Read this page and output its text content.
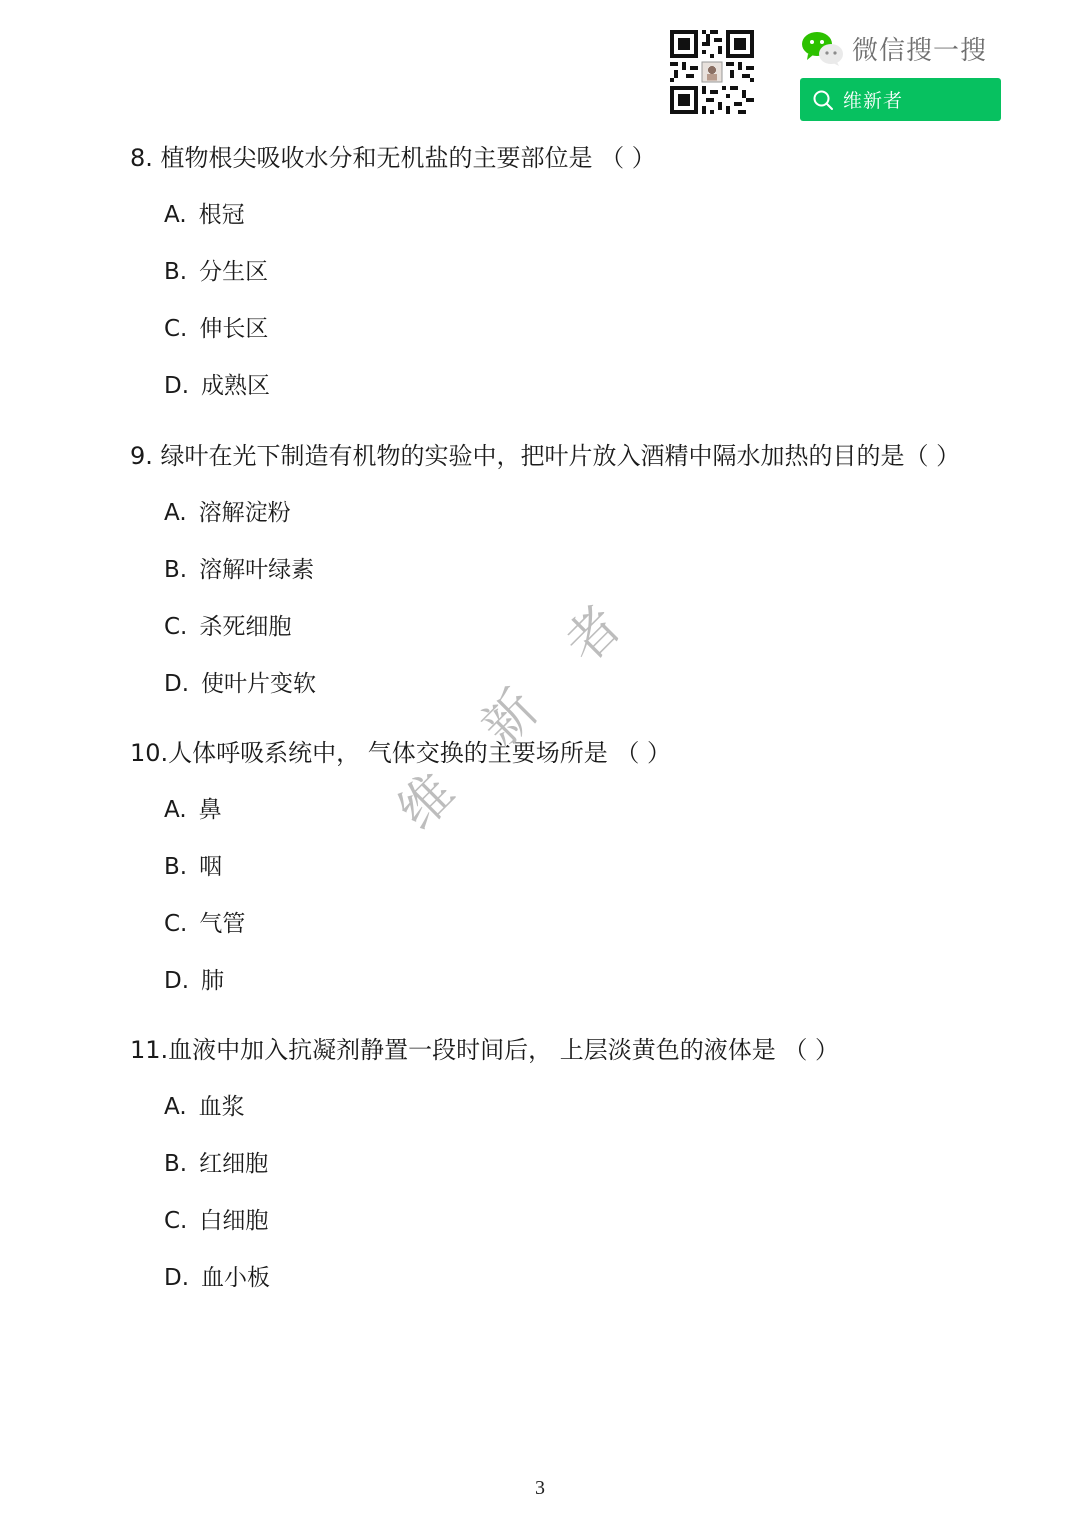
微信搜一搜
维新者
8. 植物根尖吸收水分和无机盐的主要部位是 （ ）
A. 根冠
B. 分生区
C. 伸长区
D. 成熟区
9. 绿叶在光下制造有机物的实验中，把叶片放入酒精中隔水加热的目的是（ ）
A. 溶解淀粉
B. 溶解叶绿素
C. 杀死细胞
D. 使叶片变软
10.人体呼吸系统中， 气体交换的主要场所是 （ ）
A. 鼻
B. 咽
C. 气管
D. 肺
11.血液中加入抗凝剂静置一段时间后， 上层淡黄色的液体是 （ ）
A. 血浆
B. 红细胞
C. 白细胞
D. 血小板
维
新
者
3
